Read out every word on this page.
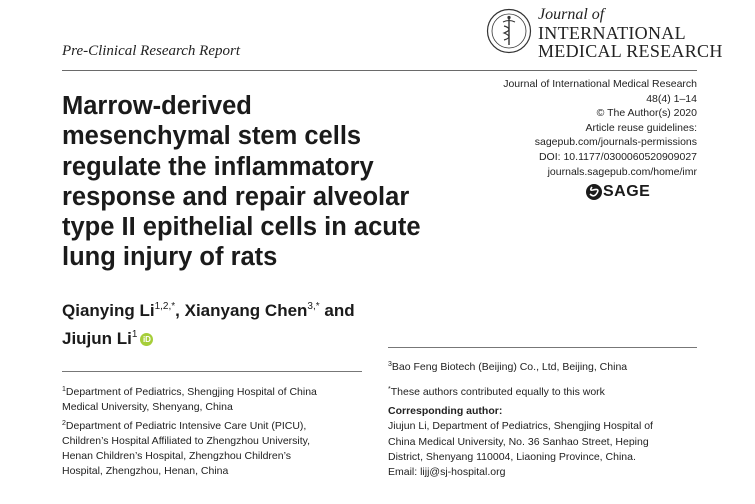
Pre-Clinical Research Report
Journal of
INTERNATIONAL
MEDICAL RESEARCH
Journal of International Medical Research
48(4) 1–14
© The Author(s) 2020
Article reuse guidelines:
sagepub.com/journals-permissions
DOI: 10.1177/0300060520909027
journals.sagepub.com/home/imr
SAGE
Marrow-derived
mesenchymal stem cells
regulate the inflammatory
response and repair alveolar
type II epithelial cells in acute
lung injury of rats
Qianying $Li^{1,2,*}$, Xianyang Chen$^{3,*}$ and
Jiujun Li$^1$ iD
$^1$Department of Pediatrics, Shengjing Hospital of China
Medical University, Shenyang, China
$^2$Department of Pediatric Intensive Care Unit (PICU),
Children’s Hospital Affiliated to Zhengzhou University,
Henan Children’s Hospital, Zhengzhou Children’s
Hospital, Zhengzhou, Henan, China
$^3$Bao Feng Biotech (Beijing) Co., Ltd, Beijing, China
*These authors contributed equally to this work
Corresponding author:
Jiujun Li, Department of Pediatrics, Shengjing Hospital of
China Medical University, No. 36 Sanhao Street, Heping
District, Shenyang 110004, Liaoning Province, China.
Email: lijj@sj-hospital.org
